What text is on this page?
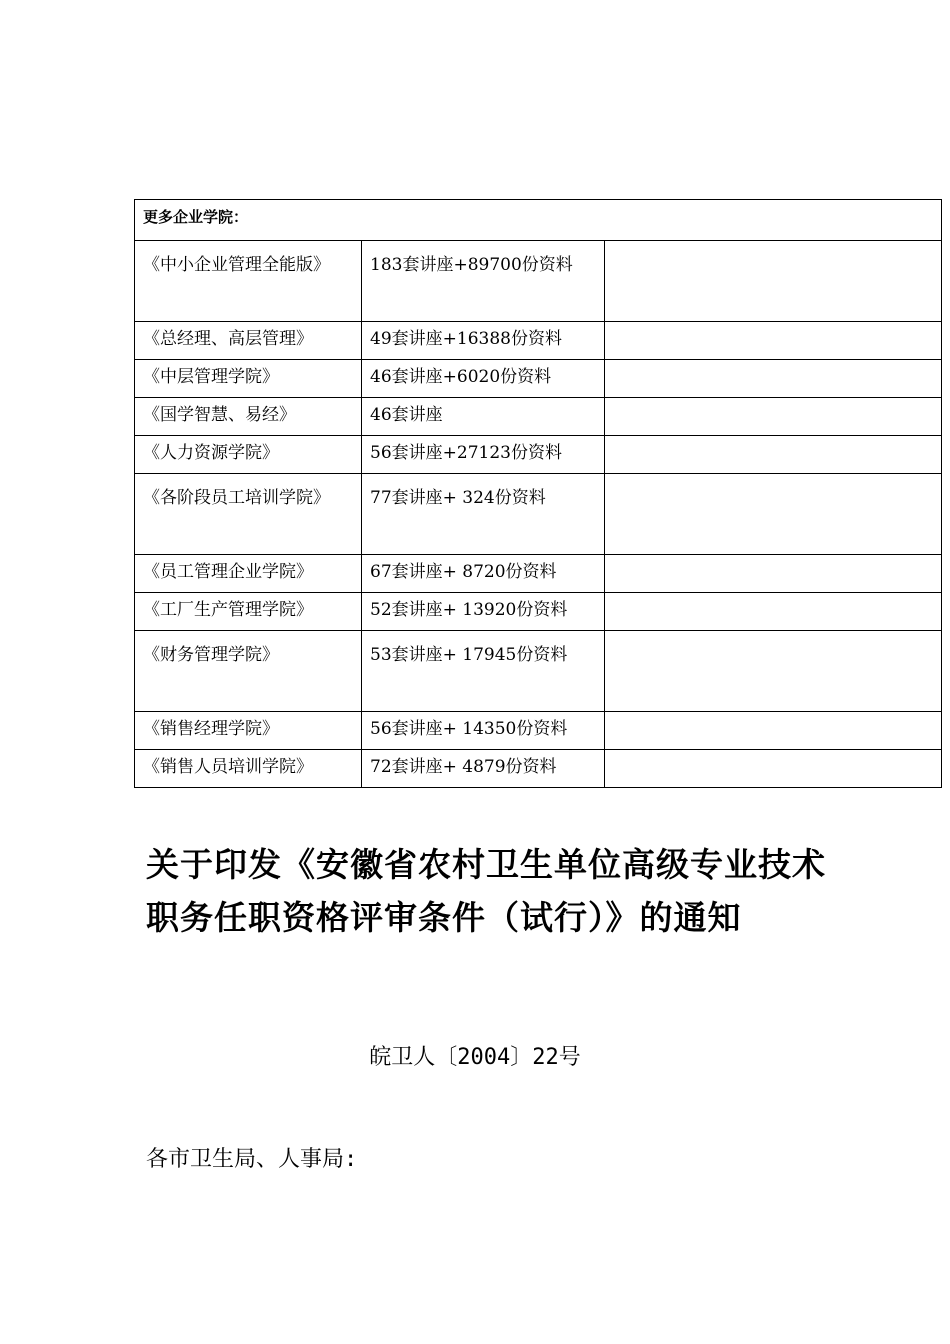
更多企业学院：		
《中小企业管理全能版》	183套讲座+89700份资料	
《总经理、高层管理》	49套讲座+16388份资料	
《中层管理学院》	46套讲座+6020份资料	
《国学智慧、易经》	46套讲座	
《人力资源学院》	56套讲座+27123份资料	
《各阶段员工培训学院》	77套讲座+ 324份资料	
《员工管理企业学院》	67套讲座+ 8720份资料	
《工厂生产管理学院》	52套讲座+ 13920份资料	
《财务管理学院》	53套讲座+ 17945份资料	
《销售经理学院》	56套讲座+ 14350份资料	
《销售人员培训学院》	72套讲座+ 4879份资料	
关于印发《安徽省农村卫生单位高级专业技术职务任职资格评审条件（试行）》的通知
皖卫人〔2004〕22号
各市卫生局、人事局:
